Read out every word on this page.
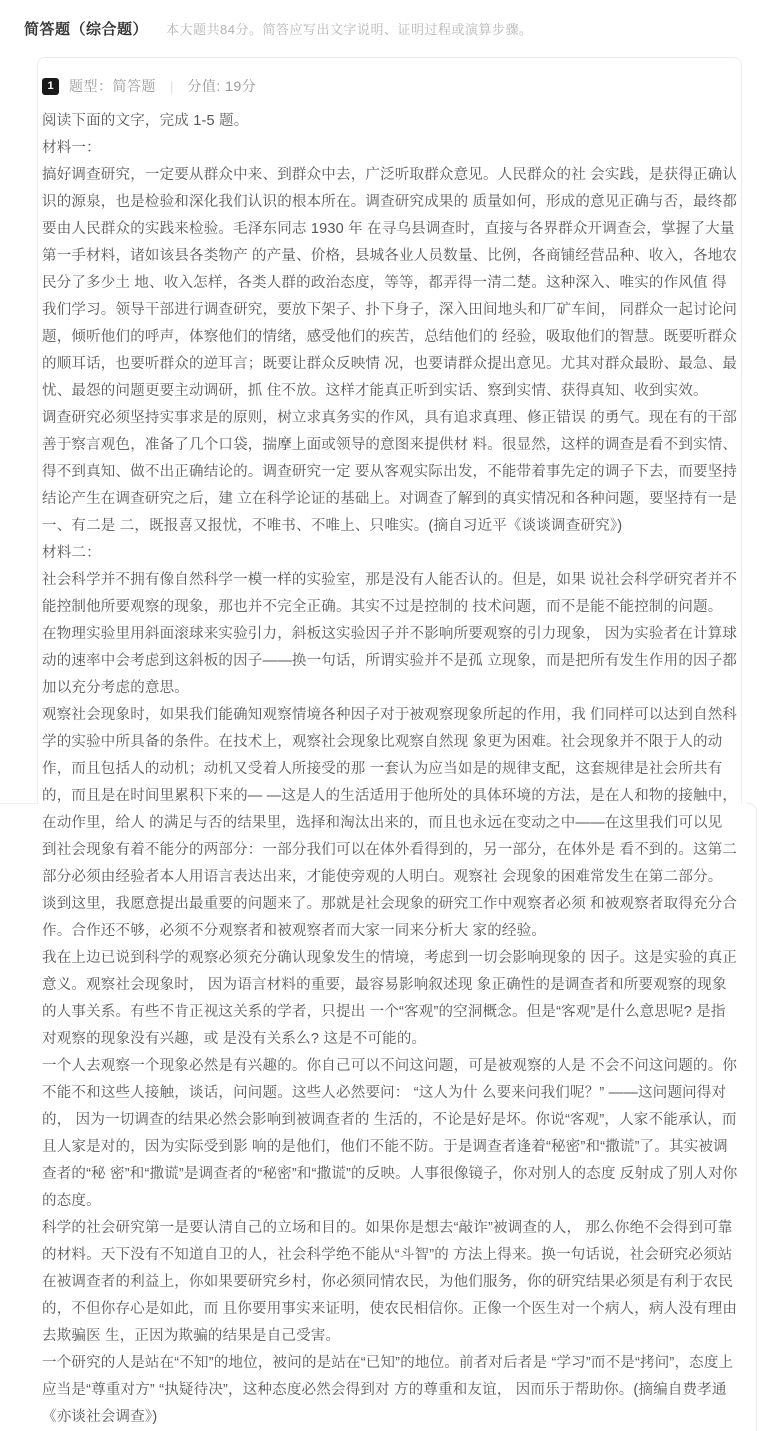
简答题（综合题） 本大题共84分。简答应写出文字说明、证明过程或演算步骤。
1	题型：简答题 | 分值: 19分

阅读下面的文字，完成 1-5 题。

材料一：

搞好调查研究，一定要从群众中来、到群众中去，广泛听取群众意见。人民群众的社 会实践，是获得正确认识的源泉，也是检验和深化我们认识的根本所在。调查研究成果的 质量如何，形成的意见正确与否，最终都要由人民群众的实践来检验。毛泽东同志 1930 年 在寻乌县调查时，直接与各界群众开调查会，掌握了大量第一手材料，诸如该县各类物产 的产量、价格，县城各业人员数量、比例，各商铺经营品种、收入，各地农民分了多少土 地、收入怎样，各类人群的政治态度，等等，都弄得一清二楚。这种深入、唯实的作风值 得我们学习。领导干部进行调查研究，要放下架子、扑下身子，深入田间地头和厂矿车间， 同群众一起讨论问题，倾听他们的呼声，体察他们的情绪，感受他们的疾苦，总结他们的 经验，吸取他们的智慧。既要听群众的顺耳话，也要听群众的逆耳言；既要让群众反映情 况，也要请群众提出意见。尤其对群众最盼、最急、最忧、最怨的问题更要主动调研，抓 住不放。这样才能真正听到实话、察到实情、获得真知、收到实效。

调查研究必须坚持实事求是的原则，树立求真务实的作风，具有追求真理、修正错误 的勇气。现在有的干部善于察言观色，准备了几个口袋，揣摩上面或领导的意图来提供材 料。很显然，这样的调查是看不到实情、得不到真知、做不出正确结论的。调查研究一定 要从客观实际出发，不能带着事先定的调子下去，而要坚持结论产生在调查研究之后，建 立在科学论证的基础上。对调查了解到的真实情况和各种问题，要坚持有一是一、有二是 二，既报喜又报忧，不唯书、不唯上、只唯实。(摘自习近平《谈谈调查研究》)

材料二：

社会科学并不拥有像自然科学一模一样的实验室，那是没有人能否认的。但是，如果 说社会科学研究者并不能控制他所要观察的现象，那也并不完全正确。其实不过是控制的 技术问题，而不是能不能控制的问题。

在物理实验里用斜面滚球来实验引力，斜板这实验因子并不影响所要观察的引力现象， 因为实验者在计算球动的速率中会考虑到这斜板的因子——换一句话，所谓实验并不是孤 立现象，而是把所有发生作用的因子都加以充分考虑的意思。

观察社会现象时，如果我们能确知观察情境各种因子对于被观察现象所起的作用，我 们同样可以达到自然科学的实验中所具备的条件。在技术上，观察社会现象比观察自然现 象更为困难。社会现象并不限于人的动作，而且包括人的动机；动机又受着人所接受的那 一套认为应当如是的规律支配，这套规律是社会所共有的，而且是在时间里累积下来的— —这是人的生活适用于他所处的具体环境的方法，是在人和物的接触中，在动作里，给人 的满足与否的结果里，选择和淘汰出来的，而且也永远在变动之中——在这里我们可以见 到社会现象有着不能分的两部分：一部分我们可以在体外看得到的，另一部分，在体外是 看不到的。这第二部分必须由经验者本人用语言表达出来，才能使旁观的人明白。观察社 会现象的困难常发生在第二部分。

谈到这里，我愿意提出最重要的问题来了。那就是社会现象的研究工作中观察者必须 和被观察者取得充分合作。合作还不够，必须不分观察者和被观察者而大家一同来分析大 家的经验。

我在上边已说到科学的观察必须充分确认现象发生的情境，考虑到一切会影响现象的 因子。这是实验的真正意义。观察社会现象时， 因为语言材料的重要，最容易影响叙述现 象正确性的是调查者和所要观察的现象的人事关系。有些不肯正视这关系的学者，只提出 一个“客观”的空洞概念。但是“客观”是什么意思呢? 是指对观察的现象没有兴趣，或 是没有关系么? 这是不可能的。

一个人去观察一个现象必然是有兴趣的。你自己可以不问这问题，可是被观察的人是 不会不问这问题的。你不能不和这些人接触，谈话，问问题。这些人必然要问： “这人为什 么要来问我们呢？” ——这问题问得对的， 因为一切调查的结果必然会影响到被调查者的 生活的，不论是好是坏。你说“客观”，人家不能承认，而且人家是对的，因为实际受到影 响的是他们，他们不能不防。于是调查者逢着“秘密”和“撒谎”了。其实被调查者的“秘 密”和“撒谎”是调查者的“秘密”和“撒谎”的反映。人事很像镜子，你对别人的态度 反射成了别人对你的态度。

科学的社会研究第一是要认清自己的立场和目的。如果你是想去“敲诈”被调查的人， 那么你绝不会得到可靠的材料。天下没有不知道自卫的人，社会科学绝不能从“斗智”的 方法上得来。换一句话说，社会研究必须站在被调查者的利益上，你如果要研究乡村，你必须同情农民，为他们服务，你的研究结果必须是有利于农民的，不但你存心是如此，而 且你要用事实来证明，使农民相信你。正像一个医生对一个病人，病人没有理由去欺骗医 生，正因为欺骗的结果是自己受害。

一个研究的人是站在“不知”的地位，被问的是站在“已知”的地位。前者对后者是 “学习”而不是“拷问”，态度上应当是“尊重对方” “执疑待决”，这种态度必然会得到对 方的尊重和友谊， 因而乐于帮助你。(摘编自费孝通《亦谈社会调查》)
